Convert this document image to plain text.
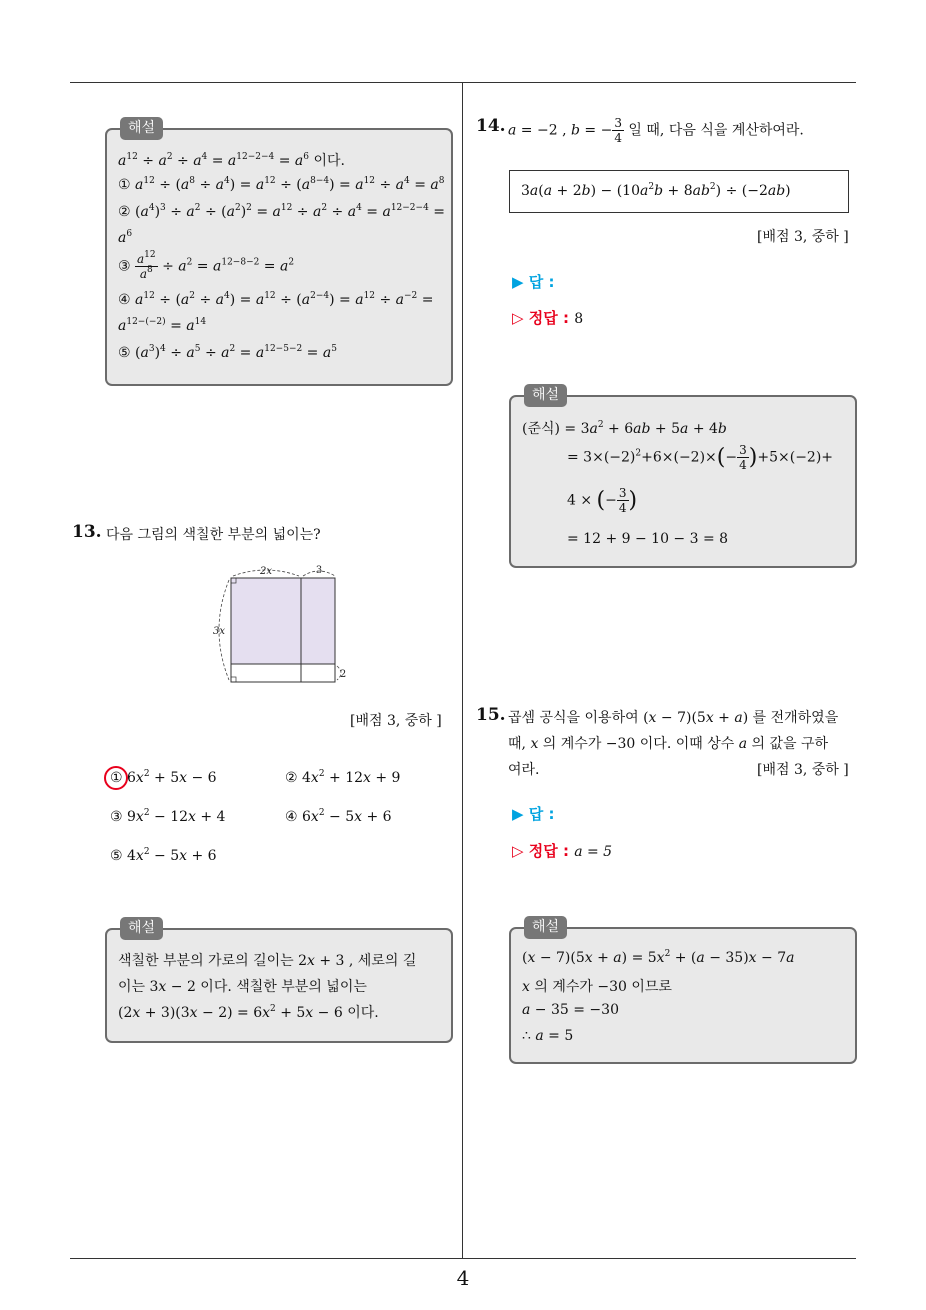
4
해설
$a^{12} \div a^2 \div a^4 = a^{12-2-4} = a^6$ 이다.
① $a^{12} \div (a^8 \div a^4) = a^{12} \div (a^{8-4}) = a^{12} \div a^4 = a^8$
② $(a^4)^3 \div a^2 \div (a^2)^2 = a^{12} \div a^2 \div a^4 = a^{12-2-4}$ =
$a^6$
③ $\frac{a^{12}}{a^8} \div a^2 = a^{12-8-2} = a^2$
④ $a^{12} \div (a^2 \div a^4) = a^{12} \div (a^{2-4}) = a^{12} \div a^{-2}$ =
$a^{12-(-2)} = a^{14}$
⑤ $(a^3)^4 \div a^5 \div a^2 = a^{12-5-2} = a^5$
13. 다음 그림의 색칠한 부분의 넓이는?
2x	3
3x
2
[배점 3, 중하 ]
① $6x^2 + 5x - 6$	② $4x^2 + 12x + 9$
③ $9x^2 - 12x + 4$	④ $6x^2 - 5x + 6$
⑤ $4x^2 - 5x + 6$
해설
색칠한 부분의 가로의 길이는 2x + 3 , 세로의 길
이는 3x − 2 이다. 색칠한 부분의 넓이는
$(2x + 3)(3x - 2) = 6x^2 + 5x - 6$ 이다.
14. a = −2 , b = − $\frac{3}{4}$ 일 때, 다음 식을 계산하여라.
$3a(a + 2b) - (10a^2b + 8ab^2) \div (-2ab)$
[배점 3, 중하 ]
▶ 답 :
▷ 정답 : 8
해설
(준식) = $3a^2 + 6ab + 5a + 4b$
= $3\times(-2)^2+6\times(-2)\times(- \frac{3}{4} )+5\times(-2)+$
4 × (− $\frac{3}{4}$ )
= 12 + 9 − 10 − 3 = 8
15. 곱셈 공식을 이용하여 (x − 7)(5x + a) 를 전개하였을
때, x 의 계수가 −30 이다. 이때 상수 a 의 값을 구하
여라.	[배점 3, 중하 ]
▶ 답 :
▷ 정답 : a = 5
해설
$(x - 7)(5x + a) = 5x^2 + (a - 35)x - 7a$
x 의 계수가 −30 이므로
a − 35 = −30
∴ a = 5
